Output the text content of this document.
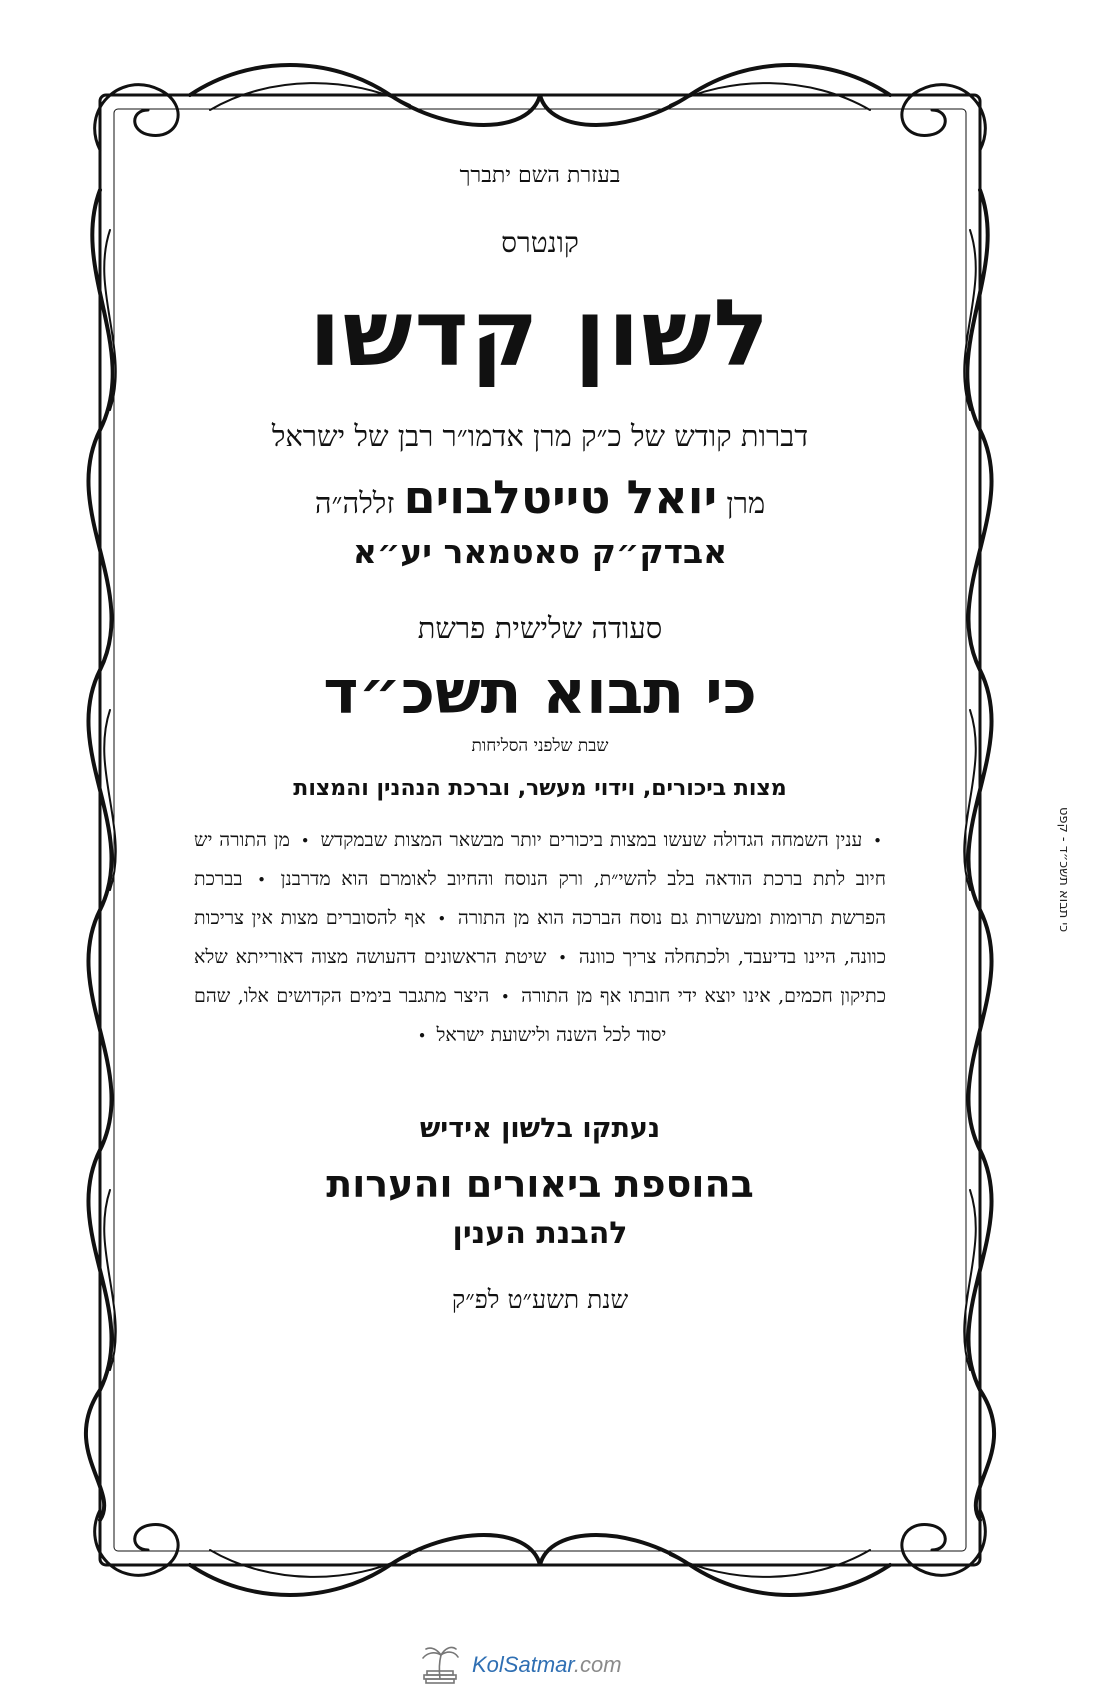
בעזרת השם יתברך

קונטרס

לשון קדשו

דברות קודש של כ״ק מרן אדמו״ר רבן של ישראל

מרן יואל טייטלבוים זללה״ה

אבדק״ק סאטמאר יע״א

סעודה שלישית פרשת

כי תבוא תשכ״ד

שבת שלפני הסליחות

מצות ביכורים, וידוי מעשר, וברכת הנהנין והמצות

• ענין השמחה הגדולה שעשו במצות ביכורים יותר מבשאר המצות שבמקדש • מן התורה יש חיוב לתת ברכת הודאה בלב להשי״ת, ורק הנוסח והחיוב לאומרם הוא מדרבנן • בברכת הפרשת תרומות ומעשרות גם נוסח הברכה הוא מן התורה • אף להסוברים מצות אין צריכות כוונה, היינו בדיעבד, ולכתחלה צריך כוונה • שיטת הראשונים דהעושה מצוה דאורייתא שלא כתיקון חכמים, אינו יוצא ידי חובתו אף מן התורה • היצר מתגבר בימים הקדושים אלו, שהם יסוד לכל השנה ולישועת ישראל •

נעתקו בלשון אידיש

בהוספת ביאורים והערות

להבנת הענין

שנת תשע״ט לפ״ק

כי תבוא תשכ״ד - קפט
KolSatmar.com
